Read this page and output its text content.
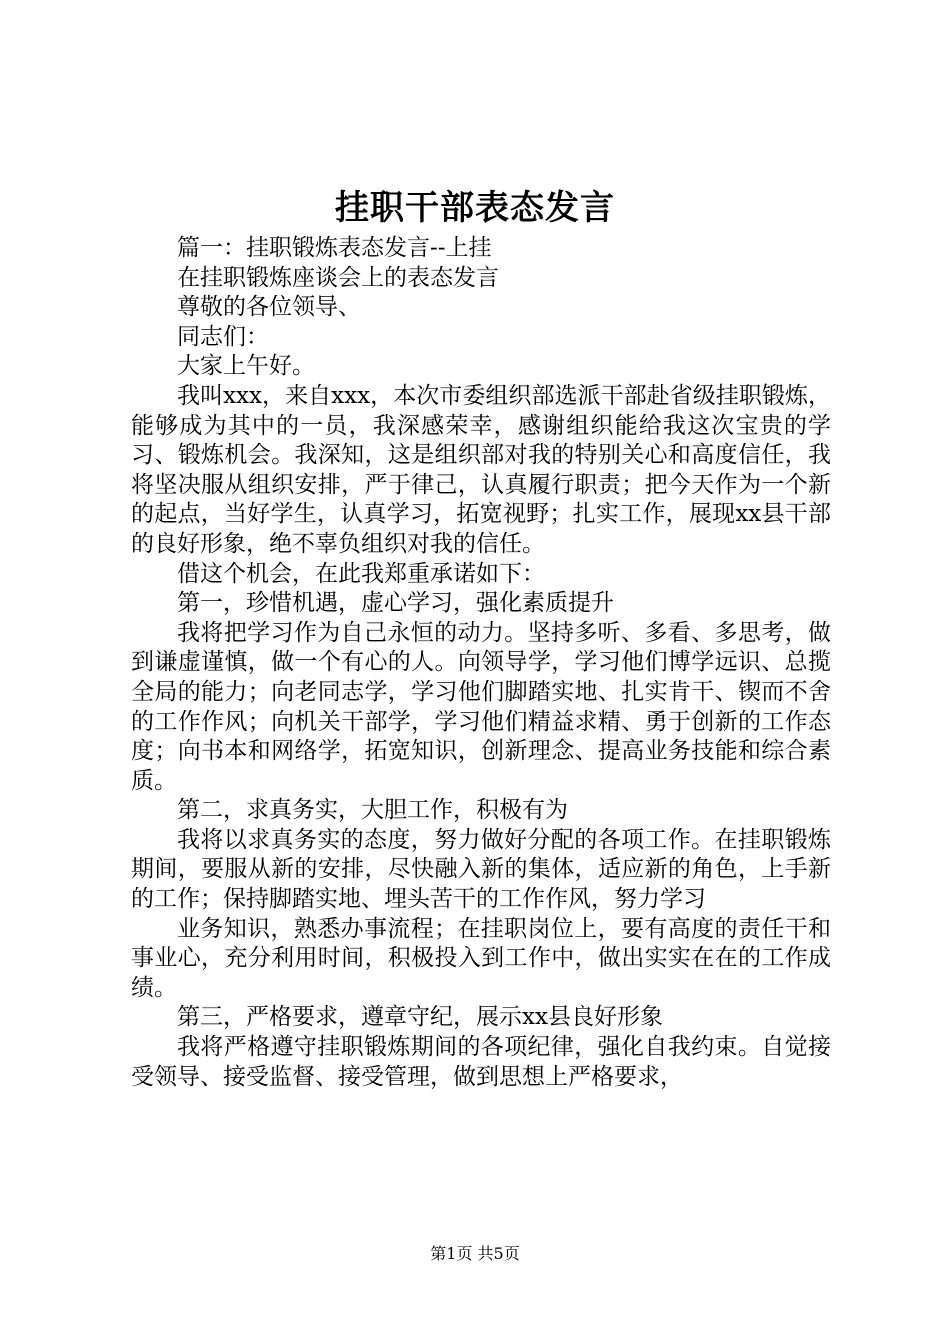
挂职干部表态发言

篇一：挂职锻炼表态发言--上挂

在挂职锻炼座谈会上的表态发言

尊敬的各位领导、

同志们：

大家上午好。

我叫xxx，来自xxx，本次市委组织部选派干部赴省级挂职锻炼，能够成为其中的一员，我深感荣幸，感谢组织能给我这次宝贵的学习、锻炼机会。我深知，这是组织部对我的特别关心和高度信任，我将坚决服从组织安排，严于律己，认真履行职责；把今天作为一个新的起点，当好学生，认真学习，拓宽视野；扎实工作，展现xx县干部的良好形象，绝不辜负组织对我的信任。

借这个机会，在此我郑重承诺如下：

第一，珍惜机遇，虚心学习，强化素质提升

我将把学习作为自己永恒的动力。坚持多听、多看、多思考，做到谦虚谨慎，做一个有心的人。向领导学，学习他们博学远识、总揽全局的能力；向老同志学，学习他们脚踏实地、扎实肯干、锲而不舍的工作作风；向机关干部学，学习他们精益求精、勇于创新的工作态度；向书本和网络学，拓宽知识，创新理念、提高业务技能和综合素质。

第二，求真务实，大胆工作，积极有为

我将以求真务实的态度，努力做好分配的各项工作。在挂职锻炼期间，要服从新的安排，尽快融入新的集体，适应新的角色，上手新的工作；保持脚踏实地、埋头苦干的工作作风，努力学习

业务知识，熟悉办事流程；在挂职岗位上，要有高度的责任干和事业心，充分利用时间，积极投入到工作中，做出实实在在的工作成绩。

第三，严格要求，遵章守纪，展示xx县良好形象

我将严格遵守挂职锻炼期间的各项纪律，强化自我约束。自觉接受领导、接受监督、接受管理，做到思想上严格要求，

第1页 共5页
